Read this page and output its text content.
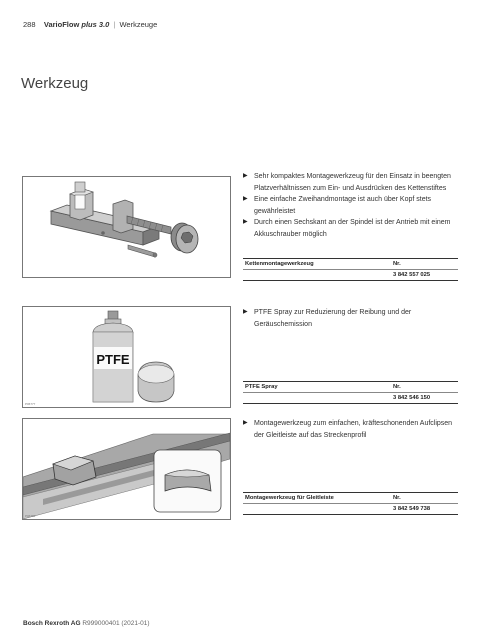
288 VarioFlow plus 3.0 | Werkzeuge
Werkzeug
▶ Sehr kompaktes Montagewerkzeug für den Einsatz in beengten Platzverhältnissen zum Ein- und Ausdrücken des Kettenstiftes
▶ Eine einfache Zweihandmontage ist auch über Kopf stets gewährleistet
▶ Durch einen Sechskant an der Spindel ist der Antrieb mit einem Akkuschrauber möglich
Kettenmontagewerkzeug	Nr.
	3 842 557 025
PTFE
P06777
▶ PTFE Spray zur Reduzierung der Reibung und der Geräuschemission
PTFE Spray	Nr.
	3 842 546 150
P06780
▶ Montagewerkzeug zum einfachen, kräfteschonenden Aufclipsen der Gleitleiste auf das Streckenprofil
Montagewerkzeug für Gleitleiste	Nr.
	3 842 549 738
Bosch Rexroth AG R999000401 (2021-01)
